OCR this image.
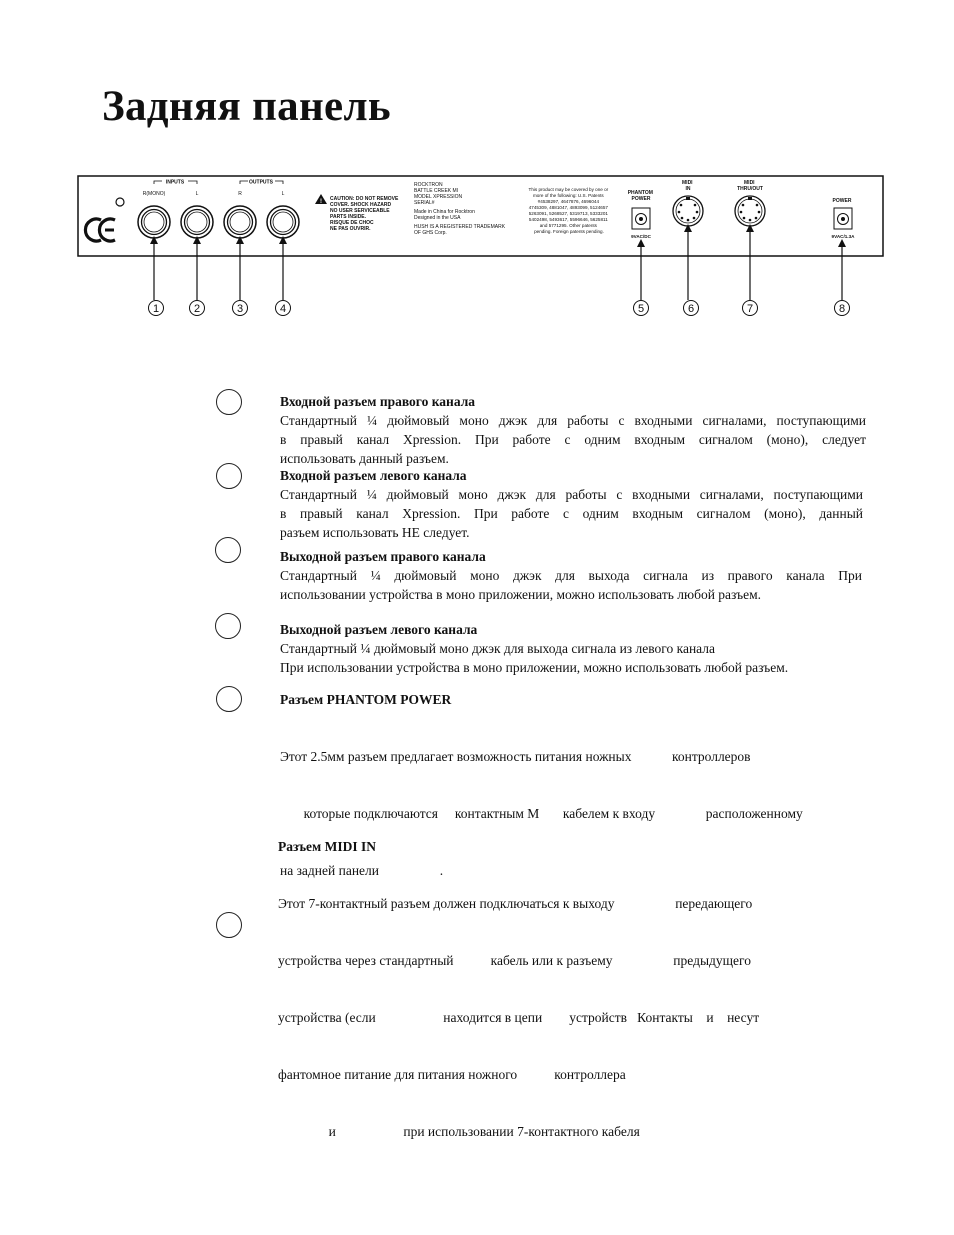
Задняя панель
INPUTS	OUTPUTS
R(MONO)	L	R	L
! CAUTION: DO NOT REMOVE COVER. SHOCK HAZARD NO USER SERVICEABLE PARTS INSIDE. RISQUE DE CHOC NE PAS OUVRIR.
ROCKTRON BATTLE CREEK MI MODEL XPRESSION SERIAL# Made in China for Rocktron Designed in the USA HUSH IS A REGISTERED TRADEMARK OF GHS Corp.
This product may be covered by one or more of the following: U.S. Patents #4538297, 4647876, 4696044 4745309, 4881047, 4893099, 5124657 5263091, 5268527, 5319713, 5333201 5402498, 5493617, 5596646, 5625811 and 5771295. Other patents pending. Foreign patents pending.
PHANTOM POWER
9VAC/DC
MIDI IN
MIDI THRU/OUT
POWER
9VAC/1.3A
1	2	3	4	5	6	7	8

Входной разъем правого канала

Стандартный ¼ дюймовый моно джэк для работы с входными сигналами, поступающими
в правый канал Xpression. При работе с одним входным сигналом (моно), следует
использовать данный разъем.

Входной разъем левого канала

Стандартный ¼ дюймовый моно джэк для работы с входными сигналами, поступающими
в правый канал Xpression. При работе с одним входным сигналом (моно), данный
разъем использовать НЕ следует.

Выходной разъем правого канала

Стандартный ¼ дюймовый моно джэк для выхода сигнала из правого канала При
использовании устройства в моно приложении, можно использовать любой разъем.

Выходной разъем левого канала

Стандартный ¼ дюймовый моно джэк для выхода сигнала из левого канала
При использовании устройства в моно приложении, можно использовать любой разъем.

Разъем PHANTOM POWER

Этот 2.5мм разъем предлагает возможность питания ножных            контроллеров

которые подключаются     контактным М       кабелем к входу               расположенному

на задней панели                  .

Разъем MIDI IN

Этот 7-контактный разъем должен подключаться к выходу                  передающего

устройства через стандартный           кабель или к разъему                  предыдущего

устройства (если                    находится в цепи        устройств   Контакты    и    несут

фантомное питание для питания ножного           контроллера

и                    при использовании 7-контактного кабеля
